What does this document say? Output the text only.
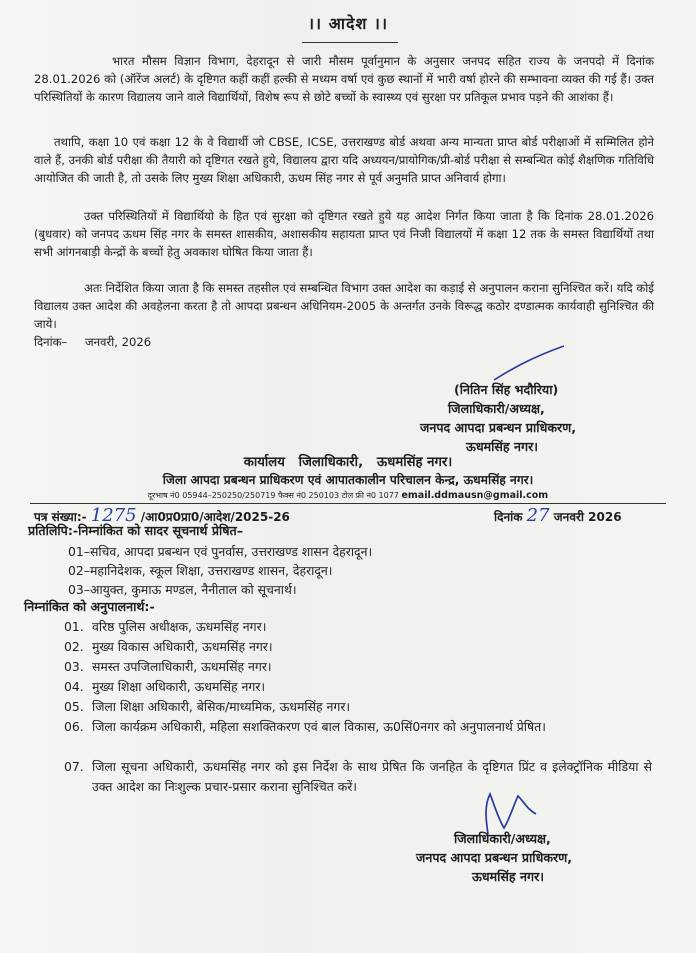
।। आदेश ।।
भारत मौसम विज्ञान विभाग, देहरादून से जारी मौसम पूर्वानुमान के अनुसार जनपद सहित राज्य के जनपदो में दिनांक 28.01.2026 को (ऑरेंज अलर्ट) के दृष्टिगत कहीं कहीं हल्की से मध्यम वर्षा एवं कुछ स्थानों में भारी वर्षा होरने की सम्भावना व्यक्त की गई हैं। उक्त परिस्थितियों के कारण विद्यालय जाने वाले विद्यार्थियों, विशेष रूप से छोटे बच्चों के स्वास्थ्य एवं सुरक्षा पर प्रतिकूल प्रभाव पड़ने की आशंका हैं।
तथापि, कक्षा 10 एवं कक्षा 12 के वे विद्यार्थी जो CBSE, ICSE, उत्तराखण्ड बोर्ड अथवा अन्य मान्यता प्राप्त बोर्ड परीक्षाओं में सम्मिलित होने वाले हैं, उनकी बोर्ड परीक्षा की तैयारी को दृष्टिगत रखते हुये, विद्यालय द्वारा यदि अध्ययन/प्रायोगिक/प्री-बोर्ड परीक्षा से सम्बन्धित कोई शैक्षणिक गतिविधि आयोजित की जाती है, तो उसके लिए मुख्य शिक्षा अधिकारी, ऊधम सिंह नगर से पूर्व अनुमति प्राप्त अनिवार्य होगा।
उक्त परिस्थितियों में विद्यार्थियो के हित एवं सुरक्षा को दृष्टिगत रखते हुये यह आदेश निर्गत किया जाता है कि दिनांक 28.01.2026 (बुधवार) को जनपद ऊधम सिंह नगर के समस्त शासकीय, अशासकीय सहायता प्राप्त एवं निजी विद्यालयों में कक्षा 12 तक के समस्त विद्यार्थियों तथा सभी आंगनबाड़ी केन्द्रों के बच्चों हेतु अवकाश घोषित किया जाता हैं।
अतः निर्देशित किया जाता है कि समस्त तहसील एवं सम्बन्धित विभाग उक्त आदेश का कड़ाई से अनुपालन कराना सुनिश्चित करें। यदि कोई विद्यालय उक्त आदेश की अवहेलना करता है तो आपदा प्रबन्धन अधिनियम-2005 के अन्तर्गत उनके विरूद्ध कठोर दण्डात्मक कार्यवाही सुनिश्चित की जाये।
दिनांक– जनवरी, 2026
(नितिन सिंह भदौरिया)
जिलाधिकारी/अध्यक्ष,
जनपद आपदा प्रबन्धन प्राधिकरण,
ऊधमसिंह नगर।
कार्यालय   जिलाधिकारी,   ऊधमसिंह नगर।
जिला आपदा प्रबन्धन प्राधिकरण एवं आपातकालीन परिचालन केन्द्र, ऊधमसिंह नगर।
दूरभाष नं0 05944–250250/250719 फैक्स नं0 250103 टोल फ्री नं0 1077 email.ddmausn@gmail.com
पत्र संख्या:- 1275 /आ0प्र0प्रा0/आदेश/2025-26	दिनांक 27 जनवरी 2026
प्रतिलिपि:-निम्नांकित को सादर सूचनार्थ प्रेषित–
01–सचिव, आपदा प्रबन्धन एवं पुनर्वास, उत्तराखण्ड शासन देहरादून।
02–महानिदेशक, स्कूल शिक्षा, उत्तराखण्ड शासन, देहरादून।
03–आयुक्त, कुमाऊ मण्डल, नैनीताल को सूचनार्थ।
निम्नांकित को अनुपालनार्थ:-
01. वरिष्ठ पुलिस अधीक्षक, ऊधमसिंह नगर।
02. मुख्य विकास अधिकारी, ऊधमसिंह नगर।
03. समस्त उपजिलाधिकारी, ऊधमसिंह नगर।
04. मुख्य शिक्षा अधिकारी, ऊधमसिंह नगर।
05. जिला शिक्षा अधिकारी, बेसिक/माध्यमिक, ऊधमसिंह नगर।
06. जिला कार्यक्रम अधिकारी, महिला सशक्तिकरण एवं बाल विकास, ऊ0सिं0नगर को अनुपालनार्थ प्रेषित।
07. जिला सूचना अधिकारी, ऊधमसिंह नगर को इस निर्देश के साथ प्रेषित कि जनहित के दृष्टिगत प्रिंट व इलेक्ट्रॉनिक मीडिया से उक्त आदेश का निःशुल्क प्रचार-प्रसार कराना सुनिश्चित करें।
जिलाधिकारी/अध्यक्ष,
जनपद आपदा प्रबन्धन प्राधिकरण,
ऊधमसिंह नगर।
